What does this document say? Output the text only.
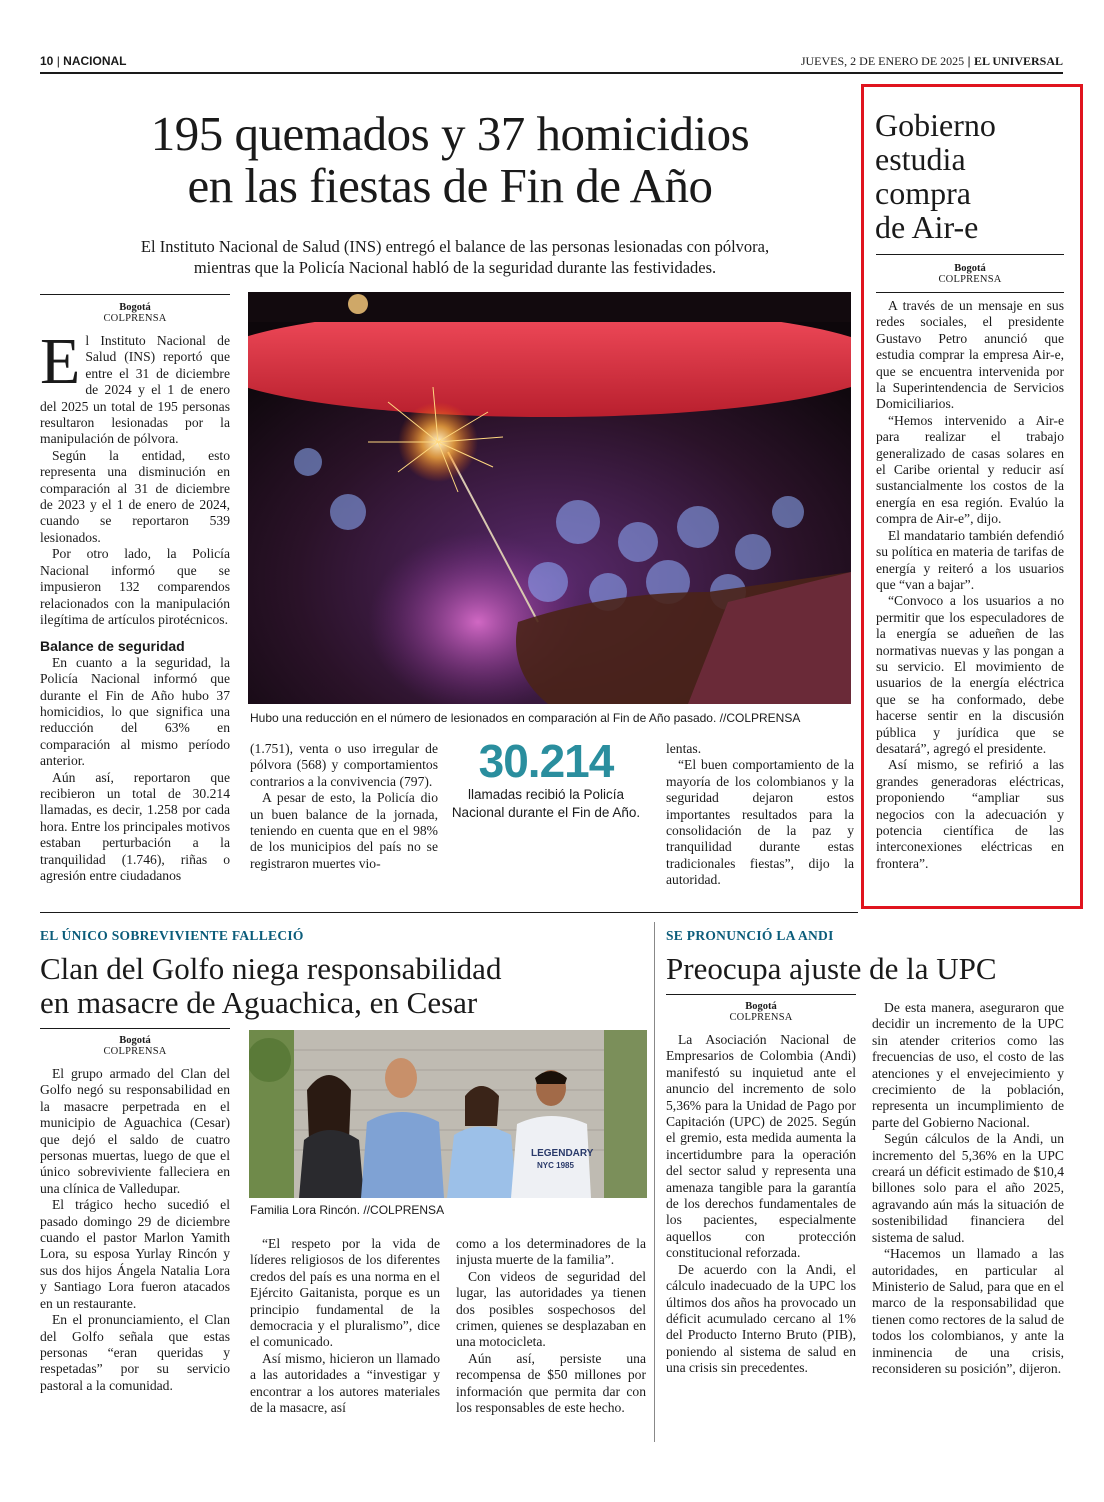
10 | NACIONAL	JUEVES, 2 DE ENERO DE 2025 | EL UNIVERSAL
195 quemados y 37 homicidios
en las fiestas de Fin de Año
El Instituto Nacional de Salud (INS) entregó el balance de las personas lesionadas con pólvora,
mientras que la Policía Nacional habló de la seguridad durante las festividades.
Bogotá
COLPRENSA

El Instituto Nacional de Salud (INS) reportó que entre el 31 de diciembre de 2024 y el 1 de enero del 2025 un total de 195 personas resultaron lesionadas por la manipulación de pólvora.

Según la entidad, esto representa una disminución en comparación al 31 de diciembre de 2023 y el 1 de enero de 2024, cuando se reportaron 539 lesionados.

Por otro lado, la Policía Nacional informó que se impusieron 132 comparendos relacionados con la manipulación ilegítima de artículos pirotécnicos.

Balance de seguridad

En cuanto a la seguridad, la Policía Nacional informó que durante el Fin de Año hubo 37 homicidios, lo que significa una reducción del 63% en comparación al mismo período anterior.

Aún así, reportaron que recibieron un total de 30.214 llamadas, es decir, 1.258 por cada hora. Entre los principales motivos estaban perturbación a la tranquilidad (1.746), riñas o agresión entre ciudadanos

Hubo una reducción en el número de lesionados en comparación al Fin de Año pasado. //COLPRENSA

(1.751), venta o uso irregular de pólvora (568) y comportamientos contrarios a la convivencia (797).

A pesar de esto, la Policía dio un buen balance de la jornada, teniendo en cuenta que en el 98% de los municipios del país no se registraron muertes vio-

30.214
llamadas recibió la Policía
Nacional durante el Fin de Año.

lentas.

“El buen comportamiento de la mayoría de los colombianos y la seguridad dejaron estos importantes resultados para la consolidación de la paz y tranquilidad durante estas tradicionales fiestas”, dijo la autoridad.

Gobierno
estudia
compra
de Air-e
Bogotá
COLPRENSA

A través de un mensaje en sus redes sociales, el presidente Gustavo Petro anunció que estudia comprar la empresa Air-e, que se encuentra intervenida por la Superintendencia de Servicios Domiciliarios.

“Hemos intervenido a Air-e para realizar el trabajo generalizado de casas solares en el Caribe oriental y reducir así sustancialmente los costos de la energía en esa región. Evalúo la compra de Air-e”, dijo.

El mandatario también defendió su política en materia de tarifas de energía y reiteró a los usuarios que “van a bajar”.

“Convoco a los usuarios a no permitir que los especuladores de la energía se adueñen de las normativas nuevas y las pongan a su servicio. El movimiento de usuarios de la energía eléctrica que se ha conformado, debe hacerse sentir en la discusión pública y jurídica que se desatará”, agregó el presidente.

Así mismo, se refirió a las grandes generadoras eléctricas, proponiendo “ampliar sus negocios con la adecuación y potencia científica de las interconexiones eléctricas en frontera”.

EL ÚNICO SOBREVIVIENTE FALLECIÓ
Clan del Golfo niega responsabilidad
en masacre de Aguachica, en Cesar
Bogotá
COLPRENSA

El grupo armado del Clan del Golfo negó su responsabilidad en la masacre perpetrada en el municipio de Aguachica (Cesar) que dejó el saldo de cuatro personas muertas, luego de que el único sobreviviente falleciera en una clínica de Valledupar.

El trágico hecho sucedió el pasado domingo 29 de diciembre cuando el pastor Marlon Yamith Lora, su esposa Yurlay Rincón y sus dos hijos Ángela Natalia Lora y Santiago Lora fueron atacados en un restaurante.

En el pronunciamiento, el Clan del Golfo señala que estas personas “eran queridas y respetadas” por su servicio pastoral a la comunidad.

LEGENDARY
NYC 1985
Familia Lora Rincón. //COLPRENSA

“El respeto por la vida de líderes religiosos de los diferentes credos del país es una norma en el Ejército Gaitanista, porque es un principio fundamental de la democracia y el pluralismo”, dice el comunicado.

Así mismo, hicieron un llamado a las autoridades a “investigar y encontrar a los autores materiales de la masacre, así

como a los determinadores de la injusta muerte de la familia”.

Con videos de seguridad del lugar, las autoridades ya tienen dos posibles sospechosos del crimen, quienes se desplazaban en una motocicleta.

Aún así, persiste una recompensa de $50 millones por información que permita dar con los responsables de este hecho.

SE PRONUNCIÓ LA ANDI
Preocupa ajuste de la UPC
Bogotá
COLPRENSA

La Asociación Nacional de Empresarios de Colombia (Andi) manifestó su inquietud ante el anuncio del incremento de solo 5,36% para la Unidad de Pago por Capitación (UPC) de 2025. Según el gremio, esta medida aumenta la incertidumbre para la operación del sector salud y representa una amenaza tangible para la garantía de los derechos fundamentales de los pacientes, especialmente aquellos con protección constitucional reforzada.

De acuerdo con la Andi, el cálculo inadecuado de la UPC los últimos dos años ha provocado un déficit acumulado cercano al 1% del Producto Interno Bruto (PIB), poniendo al sistema de salud en una crisis sin precedentes.

De esta manera, aseguraron que decidir un incremento de la UPC sin atender criterios como las frecuencias de uso, el costo de las atenciones y el envejecimiento y crecimiento de la población, representa un incumplimiento de parte del Gobierno Nacional.

Según cálculos de la Andi, un incremento del 5,36% en la UPC creará un déficit estimado de $10,4 billones solo para el año 2025, agravando aún más la situación de sostenibilidad financiera del sistema de salud.

“Hacemos un llamado a las autoridades, en particular al Ministerio de Salud, para que en el marco de la responsabilidad que tienen como rectores de la salud de todos los colombianos, y ante la inminencia de una crisis, reconsideren su posición”, dijeron.
